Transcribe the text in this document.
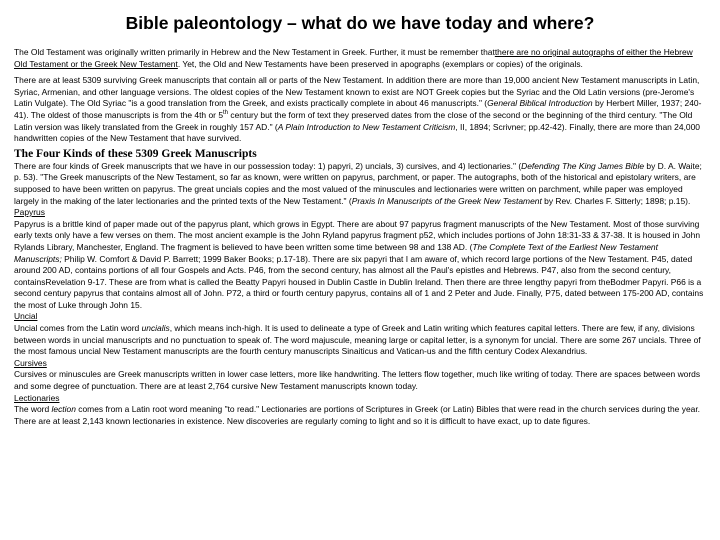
Bible paleontology – what do we have today and where?

The Old Testament was originally written primarily in Hebrew and the New Testament in Greek. Further, it must be remember thatthere are no original autographs of either the Hebrew Old Testament or the Greek New Testament. Yet, the Old and New Testaments have been preserved in apographs (exemplars or copies) of the originals.

There are at least 5309 surviving Greek manuscripts that contain all or parts of the New Testament. In addition there are more than 19,000 ancient New Testament manuscripts in Latin, Syriac, Armenian, and other language versions. The oldest copies of the New Testament known to exist are NOT Greek copies but the Syriac and the Old Latin versions (pre-Jerome's Latin Vulgate). The Old Syriac "is a good translation from the Greek, and exists practically complete in about 46 manuscripts." (General Biblical Introduction by Herbert Miller, 1937; 240-41). The oldest of those manuscripts is from the 4th or 5th century but the form of text they preserved dates from the close of the second or the beginning of the third century. "The Old Latin version was likely translated from the Greek in roughly 157 AD." (A Plain Introduction to New Testament Criticism, II, 1894; Scrivner; pp.42-42). Finally, there are more than 24,000 handwritten copies of the New Testament that have survived.

The Four Kinds of these 5309 Greek Manuscripts

There are four kinds of Greek manuscripts that we have in our possession today: 1) papyri, 2) uncials, 3) cursives, and 4) lectionaries." (Defending The King James Bible by D. A. Waite; p. 53). "The Greek manuscripts of the New Testament, so far as known, were written on papyrus, parchment, or paper. The autographs, both of the historical and epistolary writers, are supposed to have been written on papyrus. The great uncials copies and the most valued of the minuscules and lectionaries were written on parchment, while paper was employed largely in the making of the later lectionaries and the printed texts of the New Testament." (Praxis In Manuscripts of the Greek New Testament by Rev. Charles F. Sitterly; 1898; p.15).

Papyrus

Papyrus is a brittle kind of paper made out of the papyrus plant, which grows in Egypt. There are about 97 papyrus fragment manuscripts of the New Testament. Most of those surviving early texts only have a few verses on them. The most ancient example is the John Ryland papyrus fragment p52, which includes portions of John 18:31-33 & 37-38. It is housed in John Rylands Library, Manchester, England. The fragment is believed to have been written some time between 98 and 138 AD. (The Complete Text of the Earliest New Testament Manuscripts; Philip W. Comfort & David P. Barrett; 1999 Baker Books; p.17-18). There are six papyri that I am aware of, which record large portions of the New Testament. P45, dated around 200 AD, contains portions of all four Gospels and Acts. P46, from the second century, has almost all the Paul's epistles and Hebrews. P47, also from the second century, containsRevelation 9-17. These are from what is called the Beatty Papyri housed in Dublin Castle in Dublin Ireland. Then there are three lengthy papyri from theBodmer Papyri. P66 is a second century papyrus that contains almost all of John. P72, a third or fourth century papyrus, contains all of 1 and 2 Peter and Jude. Finally, P75, dated between 175-200 AD, contains the most of Luke through John 15.

Uncial

Uncial comes from the Latin word uncialis, which means inch-high. It is used to delineate a type of Greek and Latin writing which features capital letters. There are few, if any, divisions between words in uncial manuscripts and no punctuation to speak of. The word majuscule, meaning large or capital letter, is a synonym for uncial. There are some 267 uncials. Three of the most famous uncial New Testament manuscripts are the fourth century manuscripts Sinaiticus and Vatican-us and the fifth century Codex Alexandrius.

Cursives

Cursives or minuscules are Greek manuscripts written in lower case letters, more like handwriting. The letters flow together, much like writing of today. There are spaces between words and some degree of punctuation. There are at least 2,764 cursive New Testament manuscripts known today.

Lectionaries

The word lection comes from a Latin root word meaning "to read." Lectionaries are portions of Scriptures in Greek (or Latin) Bibles that were read in the church services during the year. There are at least 2,143 known lectionaries in existence. New discoveries are regularly coming to light and so it is difficult to have exact, up to date figures.
